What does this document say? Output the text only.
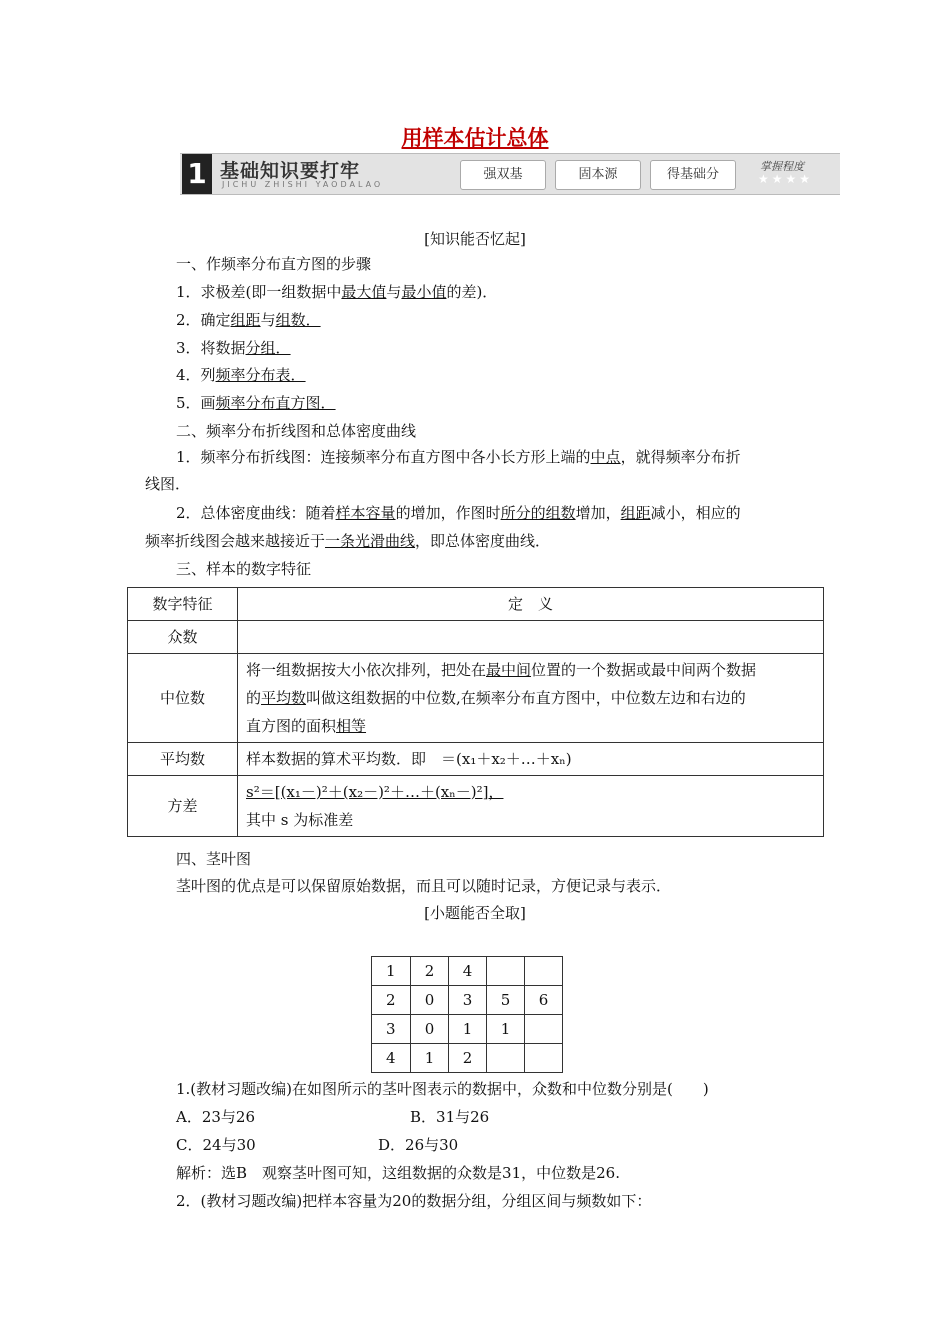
用样本估计总体
1 基础知识要打牢
JICHU ZHISHI YAODALAO
强双基	固本源	得基础分
掌握程度
★★★★
[知识能否忆起]
一、作频率分布直方图的步骤
1．求极差(即一组数据中最大值与最小值的差)．
2．确定组距与组数．
3．将数据分组．
4．列频率分布表．
5．画频率分布直方图．
二、频率分布折线图和总体密度曲线
1．频率分布折线图：连接频率分布直方图中各小长方形上端的中点，就得频率分布折
线图．
2．总体密度曲线：随着样本容量的增加，作图时所分的组数增加，组距减小，相应的
频率折线图会越来越接近于一条光滑曲线，即总体密度曲线．
三、样本的数字特征
数字特征	定　义
众数	
中位数	将一组数据按大小依次排列，把处在最中间位置的一个数据或最中间两个数据
的平均数叫做这组数据的中位数,在频率分布直方图中，中位数左边和右边的
直方图的面积相等
平均数	样本数据的算术平均数．即　＝(x₁＋x₂＋…＋xₙ)
方差	s²＝[(x₁－)²＋(x₂－)²＋…＋(xₙ－)²]，
其中 s 为标准差
四、茎叶图
茎叶图的优点是可以保留原始数据，而且可以随时记录，方便记录与表示．
[小题能否全取]
1	2	4		
2	0	3	5	6
3	0	1	1	
4	1	2		
1.(教材习题改编)在如图所示的茎叶图表示的数据中，众数和中位数分别是(　　)
A．23与26	B．31与26
C．24与30	D．26与30
解析：选B　观察茎叶图可知，这组数据的众数是31，中位数是26.
2．(教材习题改编)把样本容量为20的数据分组，分组区间与频数如下：
